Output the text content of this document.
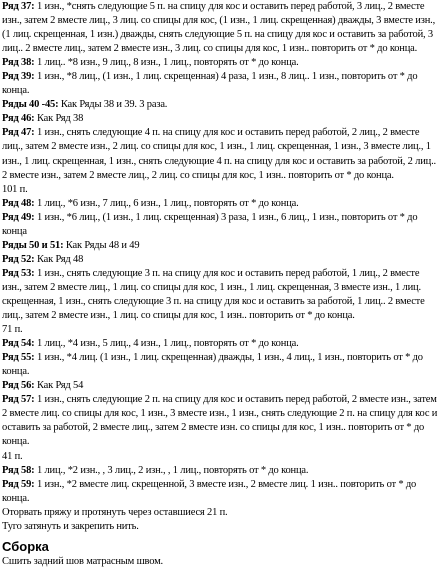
Ряд 37: 1 изн., *снять следующие 5 п. на спицу для кос и оставить перед работой, 3 лиц., 2 вместе изн., затем 2 вместе лиц., 3 лиц. со спицы для кос, (1 изн., 1 лиц. скрещенная) дважды, 3 вместе изн., (1 лиц. скрещенная, 1 изн.) дважды, снять следующие 5 п. на спицу для кос и оставить за работой, 3 лиц.. 2 вместе лиц., затем 2 вместе изн., 3 лиц. со спицы для кос, 1 изн.. повторить от * до конца.

Ряд 38: 1 лиц.. *8 изн., 9 лиц., 8 изн., 1 лиц., повторять от * до конца.

Ряд 39: 1 изн., *8 лиц., (1 изн., 1 лиц. скрещенная) 4 раза, 1 изн., 8 лиц.. 1 изн., повторить от * до конца.

Ряды 40 -45: Как Ряды 38 и 39. 3 раза.

Ряд 46: Как Ряд 38

Ряд 47: 1 изн., снять следующие 4 п. на спицу для кос и оставить перед работой, 2 лиц., 2 вместе лиц., затем 2 вместе изн., 2 лиц. со спицы для кос, 1 изн., 1 лиц. скрещенная, 1 изн., 3 вместе лиц., 1 изн., 1 лиц. скрещенная, 1 изн., снять следующие 4 п. на спицу для кос и оставить за работой, 2 лиц.. 2 вместе изн., затем 2 вместе лиц., 2 лиц. со спицы для кос, 1 изн.. повторить от * до конца.

101 п.

Ряд 48: 1 лиц., *6 изн., 7 лиц., 6 изн., 1 лиц., повторять от * до конца.

Ряд 49: 1 изн., *6 лиц., (1 изн., 1 лиц. скрещенная) 3 раза, 1 изн., 6 лиц., 1 изн., повторить от * до конца

Ряды 50 и 51: Как Ряды 48 и 49

Ряд 52: Как Ряд 48

Ряд 53: 1 изн., снять следующие 3 п. на спицу для кос и оставить перед работой, 1 лиц., 2 вместе изн., затем 2 вместе лиц., 1 лиц. со спицы для кос, 1 изн., 1 лиц. скрещенная, 3 вместе изн., 1 лиц. скрещенная, 1 изн., снять следующие 3 п. на спицу для кос и оставить за работой, 1 лиц.. 2 вместе лиц., затем 2 вместе изн., 1 лиц. со спицы для кос, 1 изн.. повторить от * до конца.

71 п.

Ряд 54: 1 лиц., *4 изн., 5 лиц., 4 изн., 1 лиц., повторять от * до конца.

Ряд 55: 1 изн., *4 лиц. (1 изн., 1 лиц. скрещенная) дважды, 1 изн., 4 лиц., 1 изн., повторить от * до конца.

Ряд 56: Как Ряд 54

Ряд 57: 1 изн., снять следующие 2 п. на спицу для кос и оставить перед работой, 2 вместе изн., затем 2 вместе лиц. со спицы для кос, 1 изн., 3 вместе изн., 1 изн., снять следующие 2 п. на спицу для кос и оставить за работой, 2 вместе лиц., затем 2 вместе изн. со спицы для кос, 1 изн.. повторить от * до конца.

41 п.

Ряд 58: 1 лиц., *2 изн., , 3 лиц., 2 изн., , 1 лиц., повторять от * до конца.

Ряд 59: 1 изн., *2 вместе лиц. скрещенной, 3 вместе изн., 2 вместе лиц. 1 изн.. повторить от * до конца.

Оторвать пряжу и протянуть через оставшиеся 21 п.

Туго затянуть и закрепить нить.

Сборка

Сшить задний шов матрасным швом.
